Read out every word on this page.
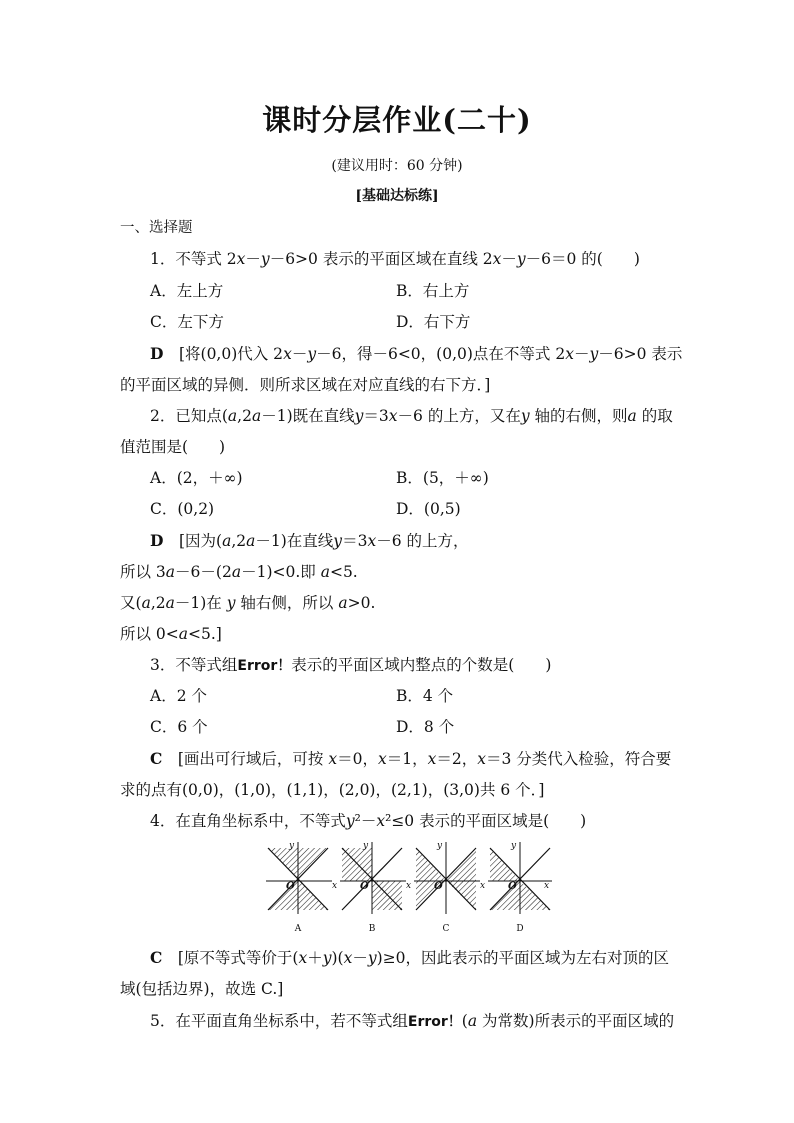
课时分层作业(二十)
(建议用时：60 分钟)
[基础达标练]
一、选择题
1．不等式 2x－y－6>0 表示的平面区域在直线 2x－y－6＝0 的(　　)
A．左上方	B．右上方
C．左下方	D．右下方
D　 [将(0,0)代入 2x－y－6，得－6<0，(0,0)点在不等式 2x－y－6>0 表示
的平面区域的异侧．则所求区域在对应直线的右下方．]
2．已知点(a,2a－1)既在直线y＝3x－6 的上方，又在y 轴的右侧，则a 的取
值范围是(　　)
A．(2，＋∞)	B．(5，＋∞)
C．(0,2)	D．(0,5)
D　 [因为(a,2a－1)在直线y＝3x－6 的上方，
所以 3a－6－(2a－1)<0.即 a<5.
又(a,2a－1)在 y 轴右侧，所以 a>0.
所以 0<a<5.]
3．不等式组Error！表示的平面区域内整点的个数是(　　)
A．2 个	B．4 个
C．6 个	D．8 个
C　 [画出可行域后，可按 x＝0，x＝1，x＝2，x＝3 分类代入检验，符合要
求的点有(0,0)，(1,0)，(1,1)，(2,0)，(2,1)，(3,0)共 6 个．]
4．在直角坐标系中，不等式y²－x²≤0 表示的平面区域是(　　)
y
x
y
x
y
x
y
x
O	O	O	O
A	B	C	D
C　 [原不等式等价于(x＋y)(x－y)≥0，因此表示的平面区域为左右对顶的区
域(包括边界)，故选 C.]
5．在平面直角坐标系中，若不等式组Error！(a 为常数)所表示的平面区域的
